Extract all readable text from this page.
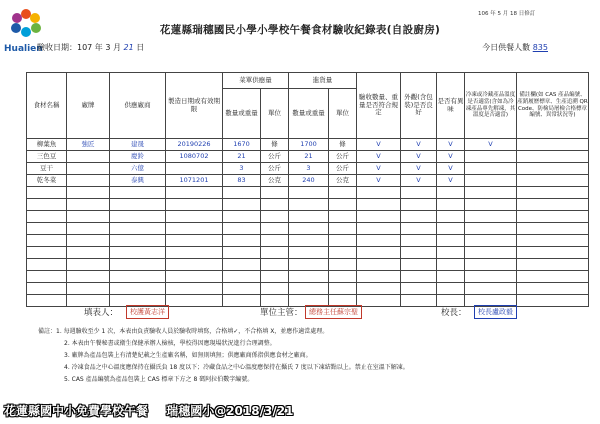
Hualien
106 年 5 月 18 日修訂
花蓮縣瑞穗國民小學小學校午餐食材驗收紀錄表(自設廚房)
驗收日期：107 年 3 月 21 日	今日供餐人數 835
食材名稱	廠牌	供應廠商	製造日期或有效期限	菜單供應量		進貨量		驗收數量、重量是否符合規定	外觀(含包裝)是否良好	是否有異味	冷凍或冷藏產品溫度是否適當(含如為冷凍產品專先解凍，其溫度是否適當)	備註欄(如 CAS 產品編號、產銷履歷標章、生產追溯 QR Code、防檢局屠檢合格標章編號、異常狀況等)
				數量或重量	單位	數量或重量	單位					
柳葉魚	強匠	建晟	20190226	1670	條	1700	條	V	V	V	V	
三色豆		慶鈴	1080702	21	公斤	21	公斤	V	V	V		
豆干		六億		3	公斤	3	公斤	V	V	V		
乾冬菜		泰興	1071201	83	公克	240	公克	V	V	V		

填表人：	校護黃志洋	單位主管： 總務主任蘇宗聖	校長：	校長盧政毅
備註：1. 每週驗收至少 1 次，本表由負責驗收人員於驗收時填寫，合格填✓，不合格填 X，並應作適當處理。
2. 本表由午餐秘書或衛生保健承辦人檢核，學校得因應現場狀況進行合理調整。
3. 廠牌為產品包裝上有清楚紀載之生產廠名稱，如無則填無；供應廠商係指供應食材之廠商。
4. 冷凍食品之中心溫度應保持在攝氏負 18 度以下；冷藏食品之中心溫度應保持在攝氏 7 度以下凍結點以上。禁止在室溫下解凍。
5. CAS 產品編號為產品包裝上 CAS 標章下方之 8 碼阿拉伯數字編號。
花蓮縣國中小免費學校午餐 瑞穗國小@2018/3/21
